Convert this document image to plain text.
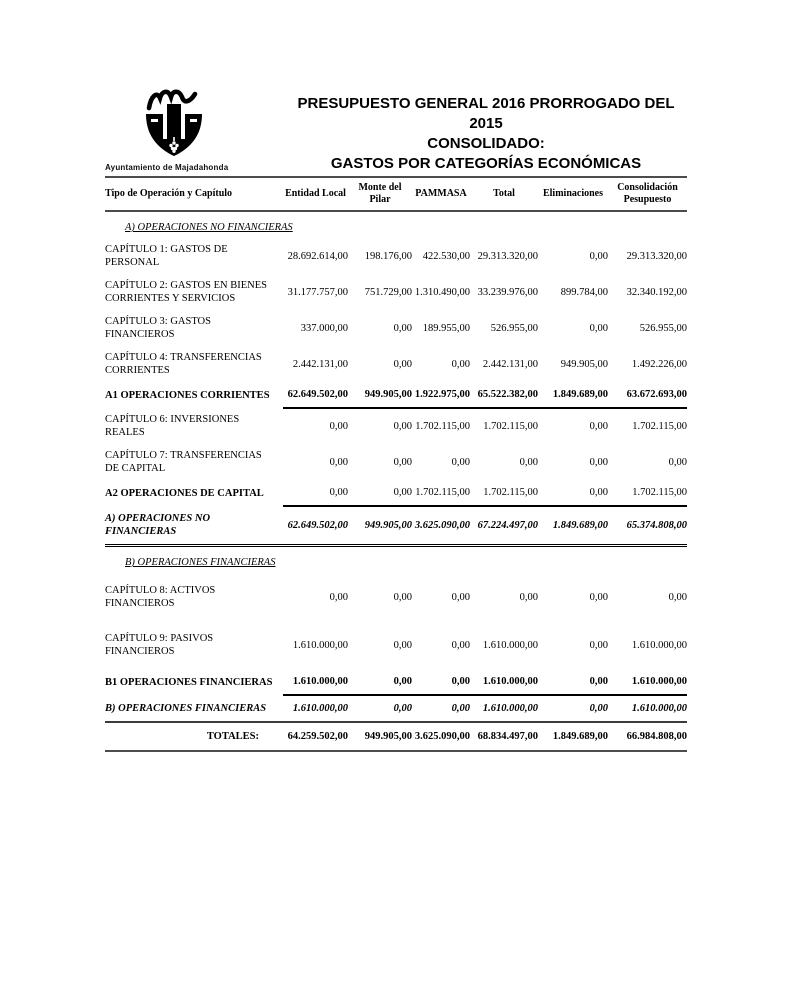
Ayuntamiento de Majadahonda
PRESUPUESTO GENERAL 2016 PRORROGADO DEL 2015
CONSOLIDADO:
GASTOS POR CATEGORÍAS ECONÓMICAS
Tipo de Operación y Capítulo	Entidad Local	Monte del Pilar	PAMMASA	Total	Eliminaciones	Consolidación Pesupuesto
A) OPERACIONES NO FINANCIERAS						
CAPÍTULO 1: GASTOS DE PERSONAL	28.692.614,00	198.176,00	422.530,00	29.313.320,00	0,00	29.313.320,00

CAPÍTULO 2: GASTOS EN BIENES CORRIENTES Y SERVICIOS	31.177.757,00	751.729,00	1.310.490,00	33.239.976,00	899.784,00	32.340.192,00

CAPÍTULO 3: GASTOS FINANCIEROS	337.000,00	0,00	189.955,00	526.955,00	0,00	526.955,00

CAPÍTULO 4: TRANSFERENCIAS CORRIENTES	2.442.131,00	0,00	0,00	2.442.131,00	949.905,00	1.492.226,00

A1 OPERACIONES CORRIENTES	62.649.502,00	949.905,00	1.922.975,00	65.522.382,00	1.849.689,00	63.672.693,00

CAPÍTULO 6: INVERSIONES REALES	0,00	0,00	1.702.115,00	1.702.115,00	0,00	1.702.115,00

CAPÍTULO 7: TRANSFERENCIAS DE CAPITAL	0,00	0,00	0,00	0,00	0,00	0,00

A2 OPERACIONES DE CAPITAL	0,00	0,00	1.702.115,00	1.702.115,00	0,00	1.702.115,00

A) OPERACIONES NO FINANCIERAS	62.649.502,00	949.905,00	3.625.090,00	67.224.497,00	1.849.689,00	65.374.808,00

B) OPERACIONES FINANCIERAS						
CAPÍTULO 8: ACTIVOS FINANCIEROS	0,00	0,00	0,00	0,00	0,00	0,00

CAPÍTULO 9: PASIVOS FINANCIEROS	1.610.000,00	0,00	0,00	1.610.000,00	0,00	1.610.000,00

B1 OPERACIONES FINANCIERAS	1.610.000,00	0,00	0,00	1.610.000,00	0,00	1.610.000,00

B) OPERACIONES FINANCIERAS	1.610.000,00	0,00	0,00	1.610.000,00	0,00	1.610.000,00

TOTALES:	64.259.502,00	949.905,00	3.625.090,00	68.834.497,00	1.849.689,00	66.984.808,00
